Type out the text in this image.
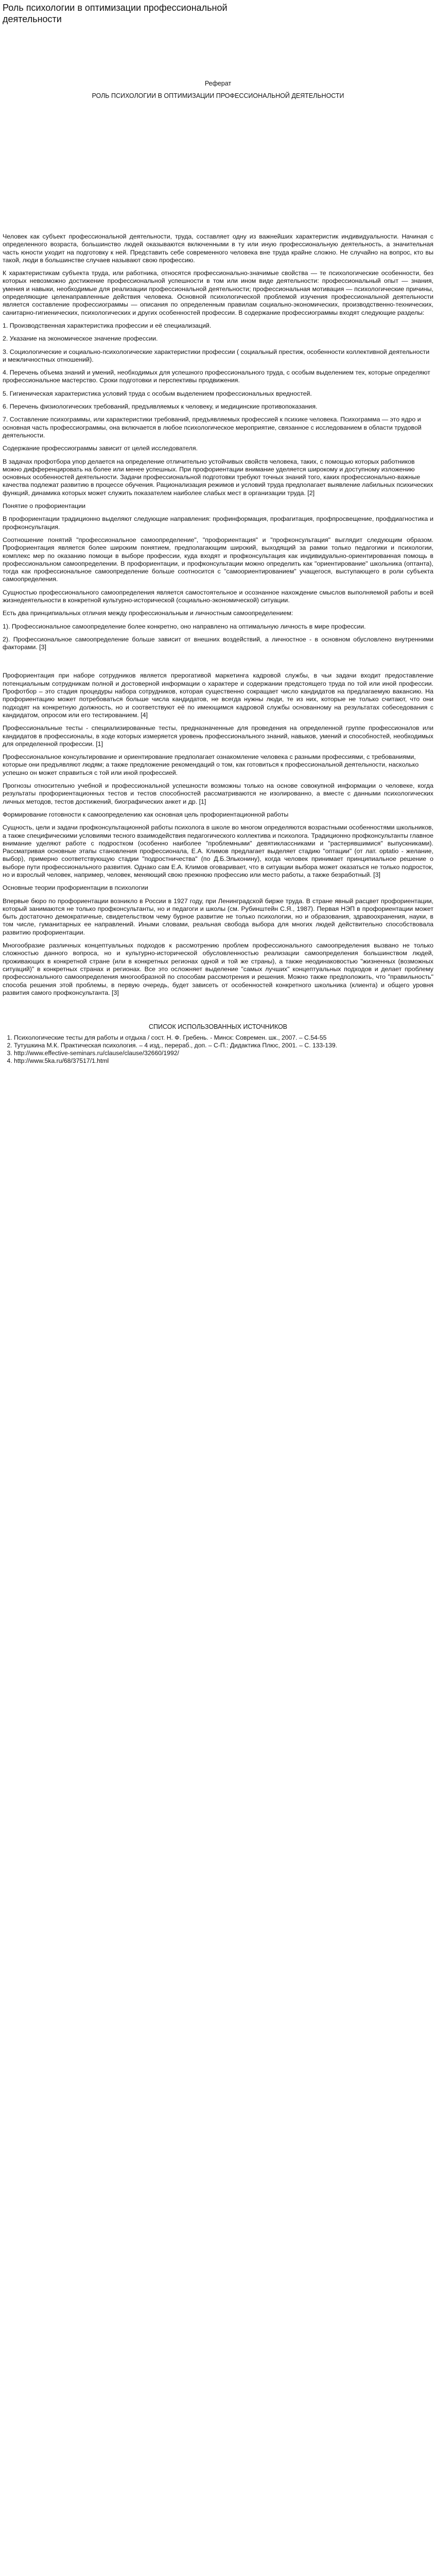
Роль психологии в оптимизации профессиональной деятельности
Реферат
РОЛЬ ПСИХОЛОГИИ В ОПТИМИЗАЦИИ ПРОФЕССИОНАЛЬНОЙ ДЕЯТЕЛЬНОСТИ

Человек как субъект профессиональной деятельности, труда, составляет одну из важнейших характеристик индивидуальности. Начиная с определенного возраста, большинство людей оказываются включенными в ту или иную профессиональную деятельность, а значительная часть юности уходит на подготовку к ней. Представить себе современного человека вне труда крайне сложно. Не случайно на вопрос, кто вы такой, люди в большинстве случаев называют свою профессию.

К характеристикам субъекта труда, или работника, относятся профессионально-значимые свойства — те психологические особенности, без которых невозможно достижение профессиональной успешности в том или ином виде деятельности: профессиональный опыт — знания, умения и навыки, необходимые для реализации профессиональной деятельности; профессиональная мотивация — психологические причины, определяющие целенаправленные действия человека. Основной психологической проблемой изучения профессиональной деятельности является составление профессиограммы — описания по определенным правилам социально-экономических, производственно-технических, санитарно-гигиенических, психологических и других особенностей профессии. В содержание профессиограммы входят следующие разделы:

1. Производственная характеристика профессии и её специализаций.

2. Указание на экономическое значение профессии.

3. Социологические и социально-психологические характеристики профессии ( социальный престиж, особенности коллективной деятельности и межличностных отношений).

4. Перечень объема знаний и умений, необходимых для успешного профессионального труда, с особым выделением тех, которые определяют профессиональное мастерство. Сроки подготовки и перспективы продвижения.

5. Гигиеническая характеристика условий труда с особым выделением профессиональных вредностей.

6. Перечень физиологических требований, предъявляемых к человеку, и медицинские противопоказания.

7. Составление психограммы, или характеристики требований, предъявляемых профессией к психике человека. Психограмма — это ядро и основная часть профессиограммы, она включается в любое психологическое мероприятие, связанное с исследованием в области трудовой деятельности.

Содержание профессиограммы зависит от целей исследователя.

В задачах профотбора упор делается на определение отличительно устойчивых свойств человека, таких, с помощью которых работников можно дифференцировать на более или менее успешных. При профориентации внимание уделяется широкому и доступному изложению основных особенностей деятельности. Задачи профессиональной подготовки требуют точных знаний того, каких профессионально-важные качества подлежат развитию в процессе обучения. Рационализация режимов и условий труда предполагает выявление лабильных психических функций, динамика которых может служить показателем наиболее слабых мест в организации труда. [2]

Понятие о профориентации

В профориентации традиционно выделяют следующие направления: профинформация, профагитация, профпросвещение, профдиагностика и профконсультация.

Соотношение понятий "профессиональное самоопределение", "профориентация" и "профконсультация" выглядит следующим образом. Профориентация является более широким понятием, предполагающим широкий, выходящий за рамки только педагогики и психологии, комплекс мер по оказанию помощи в выборе профессии, куда входят и профконсультация как индивидуально-ориентированная помощь в профессиональном самоопределении. В профориентации, и профконсультации можно определить как "ориентирование" школьника (оптанта), тогда как профессиональное самоопределение больше соотносится с "самоориентированием" учащегося, выступающего в роли субъекта самоопределения.

Сущностью профессионального самоопределения является самостоятельное и осознанное нахождение смыслов выполняемой работы и всей жизнедеятельности в конкретной культурно-исторической (социально-экономической) ситуации.

Есть два принципиальных отличия между профессиональным и личностным самоопределением:

1). Профессиональное самоопределение более конкретно, оно направлено на оптимальную личность в мире профессии.

2). Профессиональное самоопределение больше зависит от внешних воздействий, а личностное - в основном обусловлено внутренними факторами. [3]

Профориентация при наборе сотрудников является прерогативой маркетинга кадровой службы, в чьи задачи входит предоставление потенциальным сотрудникам полной и достоверной информации о характере и содержании предстоящего труда по той или иной профессии. Профотбор – это стадия процедуры набора сотрудников, которая существенно сокращает число кандидатов на предлагаемую вакансию. На профориентацию может потребоваться больше числа кандидатов, не всегда нужны люди, те из них, которые не только считают, что они подходят на конкретную должность, но и соответствуют её по имеющимся кадровой службы основанному на результатах собеседования с кандидатом, опросом или его тестированием. [4]

Профессиональные тесты - специализированные тесты, предназначенные для проведения на определенной группе профессионалов или кандидатов в профессионалы, в ходе которых измеряется уровень профессионального знаний, навыков, умений и способностей, необходимых для определенной профессии. [1]

Профессиональное консультирование и ориентирование предполагает ознакомление человека с разными профессиями, с требованиями, которые они предъявляют людям; а также предложение рекомендаций о том, как готовиться к профессиональной деятельности, насколько успешно он может справиться с той или иной профессией.

Прогнозы относительно учебной и профессиональной успешности возможны только на основе совокупной информации о человеке, когда результаты профориентационных тестов и тестов способностей рассматриваются не изолированно, а вместе с данными психологических личных методов, тестов достижений, биографических анкет и др. [1]

Формирование готовности к самоопределению как основная цель профориентационной работы

Сущность, цели и задачи профконсультационной работы психолога в школе во многом определяются возрастными особенностями школьников, а также специфическими условиями тесного взаимодействия педагогического коллектива и психолога. Традиционно профконсультанты главное внимание уделяют работе с подростком (особенно наиболее "проблемными" девятиклассниками и "растерявшимися" выпускниками). Рассматривая основные этапы становления профессионала, Е.А. Климов предлагает выделяет стадию "оптации" (от лат. optatio - желание, выбор), примерно соответствующую стадии "подростничества" (по Д.Б.Эльконину), когда человек принимает принципиальное решение о выборе пути профессионального развития. Однако сам Е.А. Климов оговаривает, что в ситуации выбора может оказаться не только подросток, но и взрослый человек, например, человек, меняющий свою прежнюю профессию или место работы, а также безработный. [3]

Основные теории профориентации в психологии

Впервые бюро по профориентации возникло в России в 1927 году, при Ленинградской бирже труда. В стране явный расцвет профориентации, который занимаются не только профконсультанты, но и педагоги и школы (см. Рубинштейн С.Я., 1987). Первая НЭП в профориентации может быть достаточно демократичные, свидетельством чему бурное развитие не только психологии, но и образования, здравоохранения, науки, в том числе, гуманитарных ее направлений. Иными словами, реальная свобода выбора для многих людей действительно способствовала развитию профориентации.

Многообразие различных концептуальных подходов к рассмотрению проблем профессионального самоопределения вызвано не только сложностью данного вопроса, но и культурно-исторической обусловленностью реализации самоопределения большинством людей, проживающих в конкретной стране (или в конкретных регионах одной и той же страны), а также неодинаковостью "жизненных (возможных ситуаций)" в конкретных странах и регионах. Все это осложняет выделение "самых лучших" концептуальных подходов и делает проблему профессионального самоопределения многообразной по способам рассмотрения и решения. Можно также предположить, что "правильность" способа решения этой проблемы, в первую очередь, будет зависеть от особенностей конкретного школьника (клиента) и общего уровня развития самого профконсультанта. [3]

СПИСОК ИСПОЛЬЗОВАННЫХ ИСТОЧНИКОВ
1. Психологические тесты для работы и отдыха / сост. Н. Ф. Гребень. - Минск: Современ. шк., 2007. – С.54-55
2. Тутушкина М.К. Практическая психология. – 4 изд., перераб., доп. – С-П.: Дидактика Плюс, 2001. – С. 133-139.
3. http://www.effective-seminars.ru/clause/clause/32660/1992/
4. http://www.5ka.ru/68/37517/1.html
